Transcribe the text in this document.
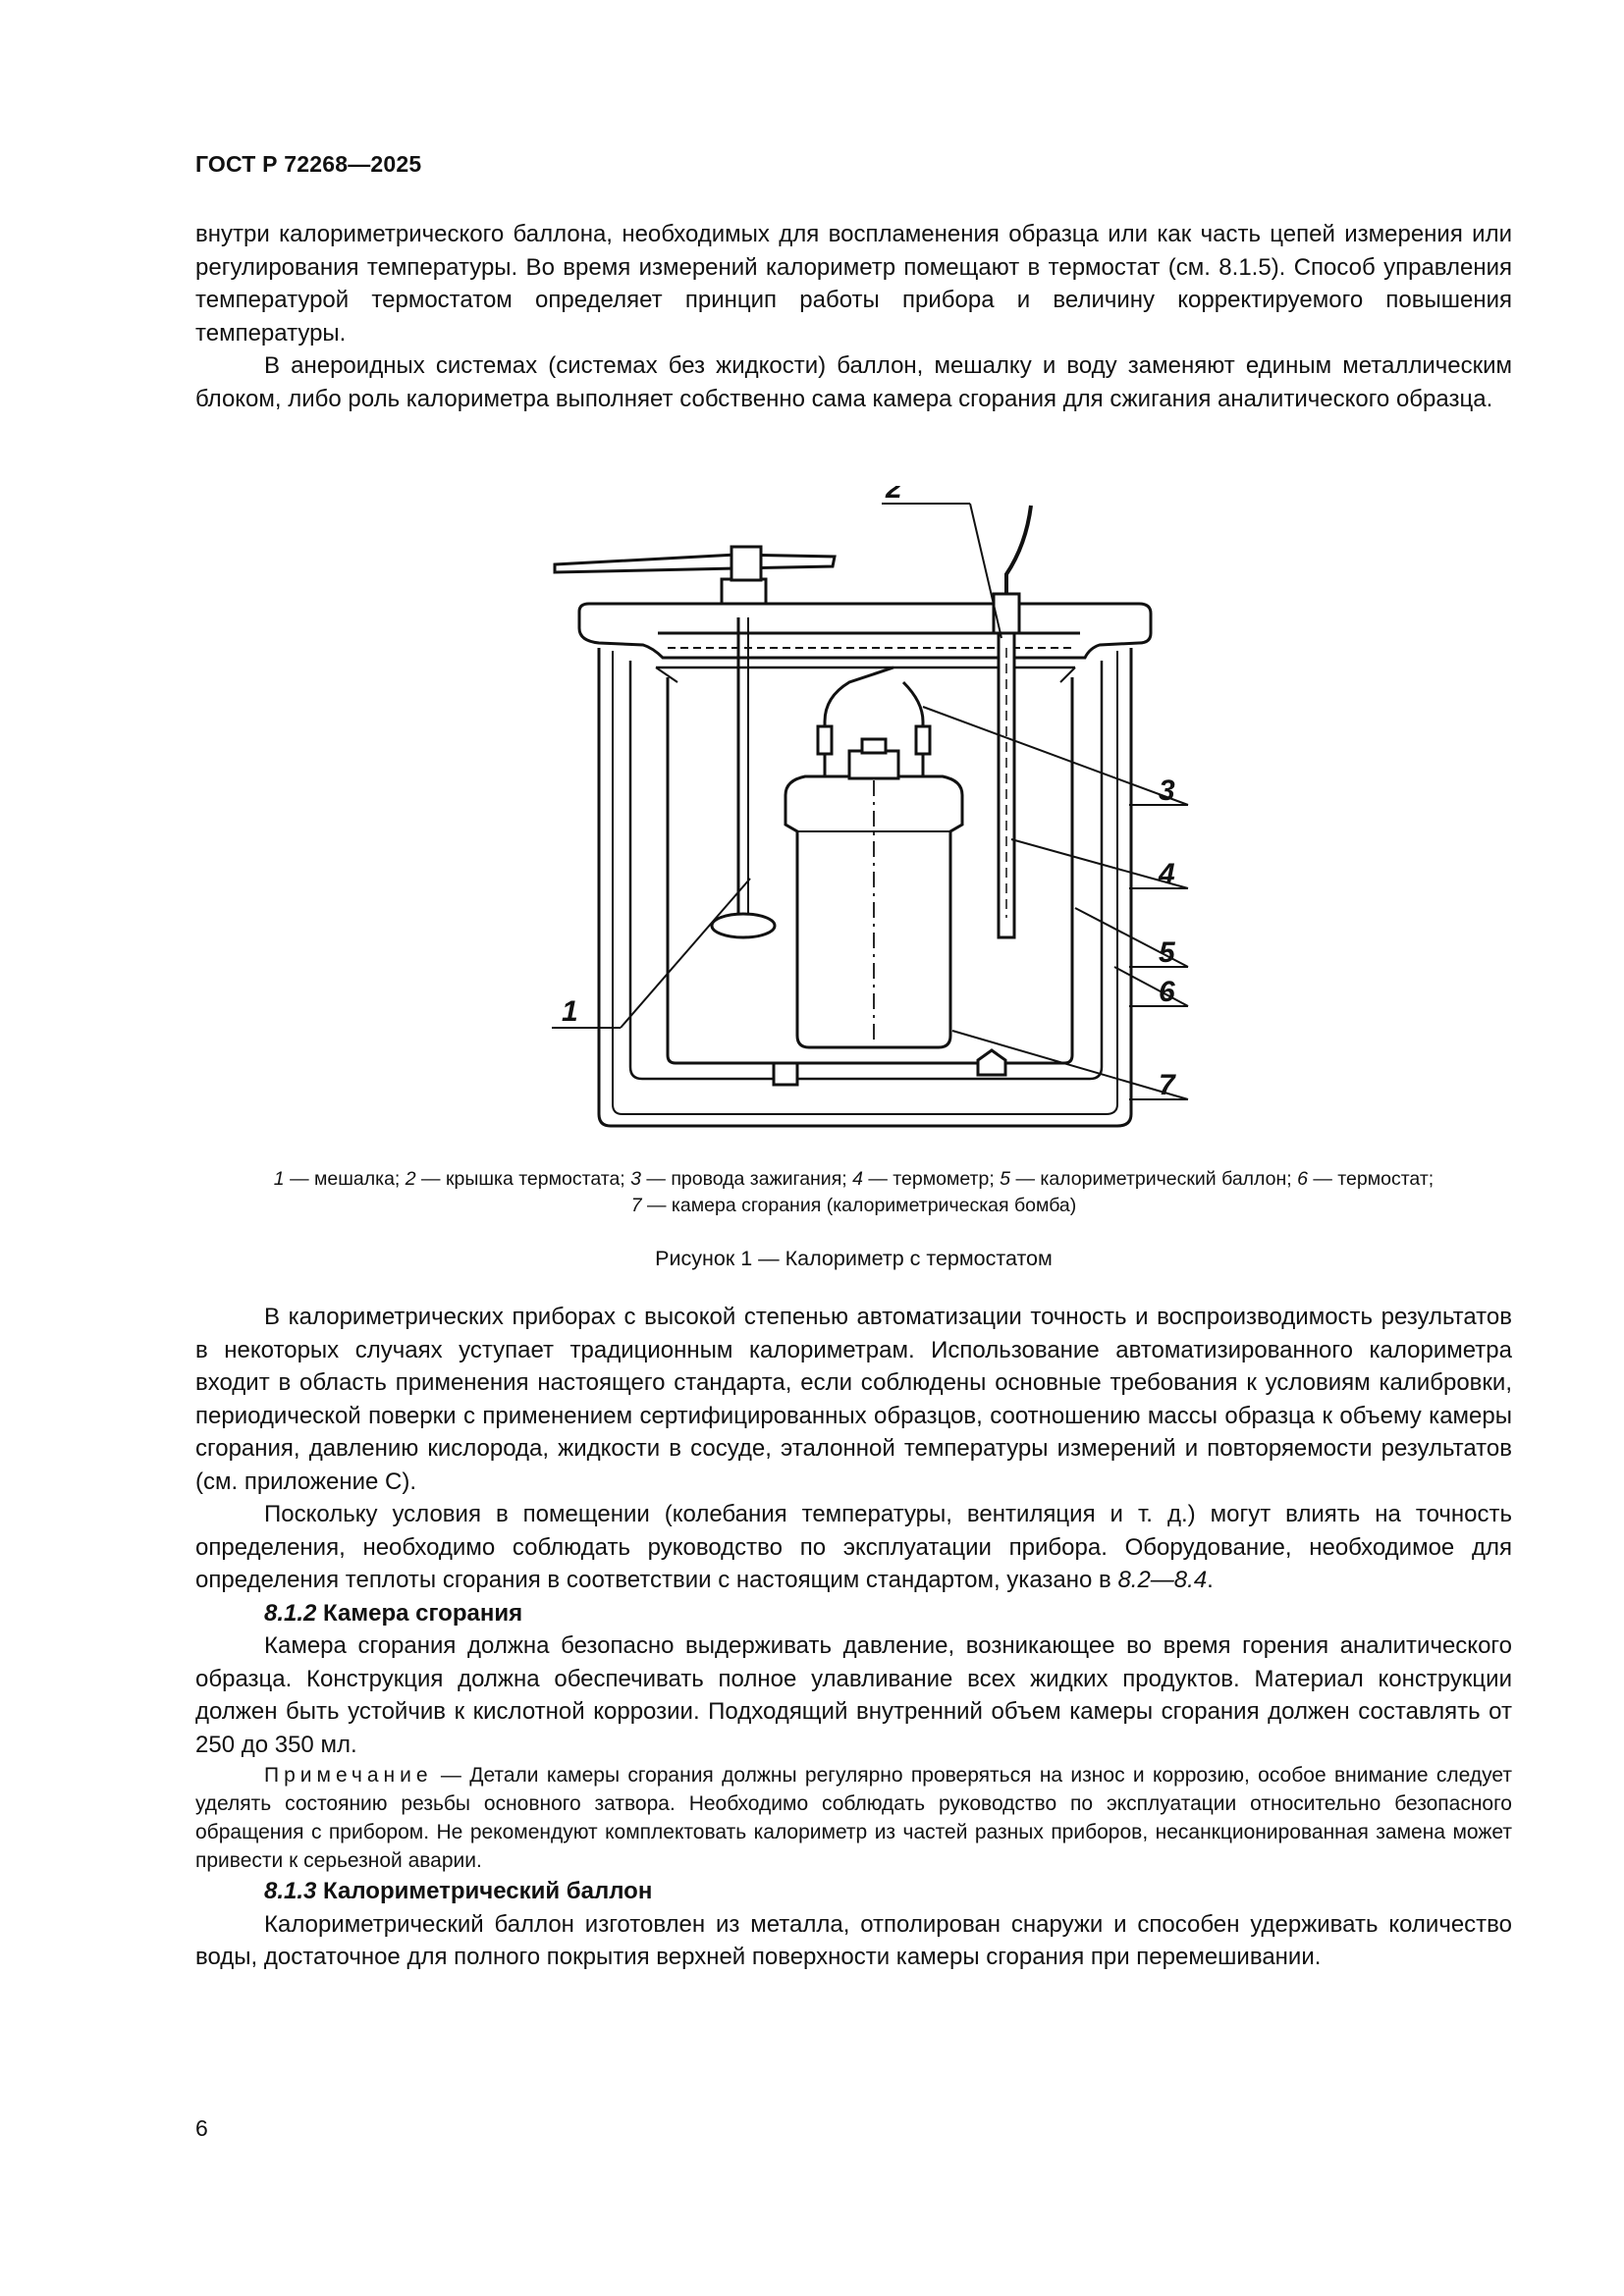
ГОСТ Р 72268—2025

внутри калориметрического баллона, необходимых для воспламенения образца или как часть цепей измерения или регулирования температуры. Во время измерений калориметр помещают в термостат (см. 8.1.5). Способ управления температурой термостатом определяет принцип работы прибора и величину корректируемого повышения температуры.

В анероидных системах (системах без жидкости) баллон, мешалку и воду заменяют единым металлическим блоком, либо роль калориметра выполняет собственно сама камера сгорания для сжигания аналитического образца.

1
2
3
4
5
6
7
1 — мешалка; 2 — крышка термостата; 3 — провода зажигания; 4 — термометр; 5 — калориметрический баллон; 6 — термостат;
7 — камера сгорания (калориметрическая бомба)
Рисунок 1 — Калориметр с термостатом

В калориметрических приборах с высокой степенью автоматизации точность и воспроизводимость результатов в некоторых случаях уступает традиционным калориметрам. Использование автоматизированного калориметра входит в область применения настоящего стандарта, если соблюдены основные требования к условиям калибровки, периодической поверки с применением сертифицированных образцов, соотношению массы образца к объему камеры сгорания, давлению кислорода, жидкости в сосуде, эталонной температуры измерений и повторяемости результатов (см. приложение С).

Поскольку условия в помещении (колебания температуры, вентиляция и т. д.) могут влиять на точность определения, необходимо соблюдать руководство по эксплуатации прибора. Оборудование, необходимое для определения теплоты сгорания в соответствии с настоящим стандартом, указано в 8.2—8.4.

8.1.2 Камера сгорания

Камера сгорания должна безопасно выдерживать давление, возникающее во время горения аналитического образца. Конструкция должна обеспечивать полное улавливание всех жидких продуктов. Материал конструкции должен быть устойчив к кислотной коррозии. Подходящий внутренний объем камеры сгорания должен составлять от 250 до 350 мл.

Примечание — Детали камеры сгорания должны регулярно проверяться на износ и коррозию, особое внимание следует уделять состоянию резьбы основного затвора. Необходимо соблюдать руководство по эксплуатации относительно безопасного обращения с прибором. Не рекомендуют комплектовать калориметр из частей разных приборов, несанкционированная замена может привести к серьезной аварии.

8.1.3 Калориметрический баллон

Калориметрический баллон изготовлен из металла, отполирован снаружи и способен удерживать количество воды, достаточное для полного покрытия верхней поверхности камеры сгорания при перемешивании.

6
